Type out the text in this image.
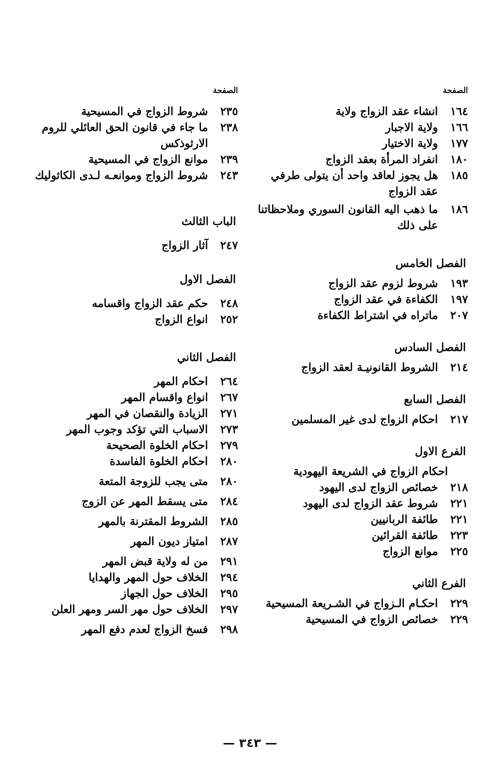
الصفحة
١٦٤
انشاء عقد الزواج ولاية
١٦٦
ولاية الاجبار
١٧٧
ولاية الاختيار
١٨٠
انفراد المرأة بعقد الزواج
١٨٥
هل يجوز لعاقد واحد أن يتولى طرفي عقد الزواج
١٨٦
ما ذهب اليه القانون السوري وملاحظاتنا على ذلك
الفصل الخامس
١٩٣
شروط لزوم عقد الزواج
١٩٧
الكفاءة في عقد الزواج
٢٠٧
ماتراه في اشتراط الكفاءة
الفصل السادس
٢١٤
الشروط القانونيـة لعقد الزواج
الفصل السابع
٢١٧
احكام الزواج لدى غير المسلمين
الفرع الاول
احكام الزواج في الشريعة اليهودية
٢١٨
خصائص الزواج لدى اليهود
٢٢١
شروط عقد الزواج لدى اليهود
٢٢١
طائفة الربانيين
٢٢٣
طائفة القرائين
٢٢٥
موانع الزواج
الفرع الثاني
٢٢٩
احكـام الـزواج في الشـريعة المسيحية
٢٢٩
خصائص الزواج في المسيحية
الصفحة
٢٣٥
شروط الزواج في المسيحية
٢٣٨
ما جاء في قانون الحق العائلي للروم الارثوذكس
٢٣٩
موانع الزواج في المسيحية
٢٤٣
شروط الزواج وموانعـه لـدى الكاثوليك
الباب الثالث
٢٤٧
آثار الزواج
الفصل الاول
٢٤٨
حكم عقد الزواج واقسامه
٢٥٢
انواع الزواج
الفصل الثاني
٢٦٤
احكام المهر
٢٦٧
انواع واقسام المهر
٢٧١
الزيادة والنقصان في المهر
٢٧٣
الاسباب التي تؤكد وجوب المهر
٢٧٩
احكام الخلوة الصحيحة
٢٨٠
احكام الخلوة الفاسدة
٢٨٠
متى يجب للزوجة المتعة
٢٨٤
متى يسقط المهر عن الزوج
٢٨٥
الشروط المقترنة بالمهر
٢٨٧
امتياز ديون المهر
٢٩١
من له ولاية قبض المهر
٢٩٤
الخلاف حول المهر والهدايا
٢٩٥
الخلاف حول الجهاز
٢٩٧
الخلاف حول مهر السر ومهر العلن
٢٩٨
فسخ الزواج لعدم دفع المهر
— ٣٤٣ —
